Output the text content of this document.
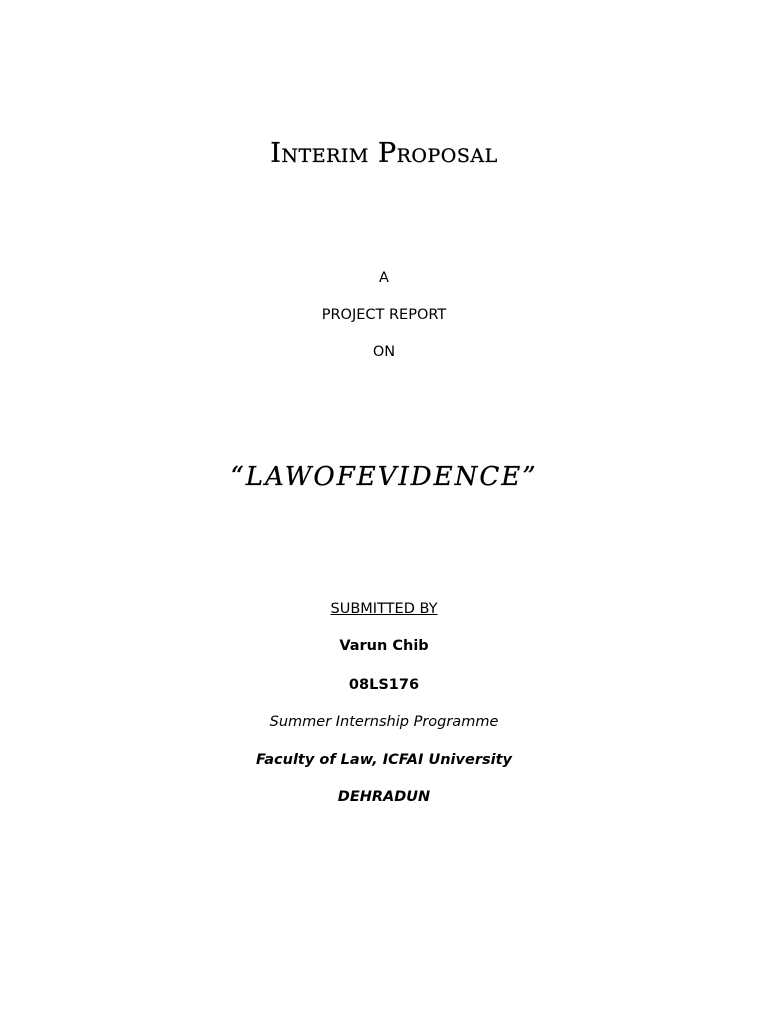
Interim Proposal
A
PROJECT REPORT
ON
“LAWOFEVIDENCE”
SUBMITTED BY
Varun Chib
08LS176
Summer Internship Programme
Faculty of Law, ICFAI University
DEHRADUN
